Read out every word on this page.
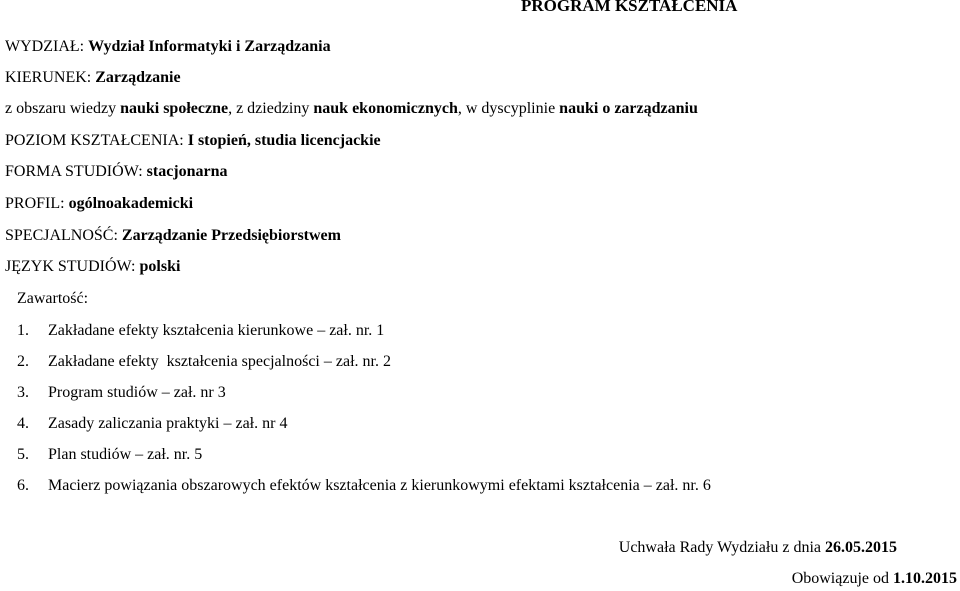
PROGRAM KSZTAŁCENIA
WYDZIAŁ: Wydział Informatyki i Zarządzania
KIERUNEK: Zarządzanie
z obszaru wiedzy nauki społeczne, z dziedziny nauk ekonomicznych, w dyscyplinie nauki o zarządzaniu
POZIOM KSZTAŁCENIA: I stopień, studia licencjackie
FORMA STUDIÓW: stacjonarna
PROFIL: ogólnoakademicki
SPECJALNOŚĆ: Zarządzanie Przedsiębiorstwem
JĘZYK STUDIÓW: polski
Zawartość:
1. Zakładane efekty kształcenia kierunkowe – zał. nr. 1
2. Zakładane efekty  kształcenia specjalności – zał. nr. 2
3. Program studiów – zał. nr 3
4. Zasady zaliczania praktyki – zał. nr 4
5. Plan studiów – zał. nr. 5
6. Macierz powiązania obszarowych efektów kształcenia z kierunkowymi efektami kształcenia – zał. nr. 6
Uchwała Rady Wydziału z dnia 26.05.2015
Obowiązuje od 1.10.2015
